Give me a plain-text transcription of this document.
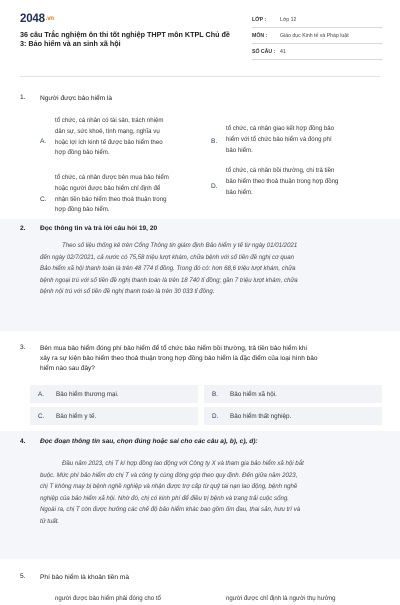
2048.vn
36 câu Trắc nghiệm ôn thi tốt nghiệp THPT môn KTPL Chủ đề 3: Bảo hiểm và an sinh xã hội
LỚP :	Lớp 12
MÔN :	Giáo dục Kinh tế và Pháp luật
SỐ CÂU : 41
1. Người được bảo hiểm là
A.
tổ chức, cá nhân có tài sản, trách nhiệm
dân sự, sức khoẻ, tính mạng, nghĩa vụ
hoặc lợi ích kinh tế được bảo hiểm theo
hợp đồng bảo hiểm.
B.
tổ chức, cá nhân giao kết hợp đồng bảo
hiểm với tổ chức bảo hiểm và đóng phí
bảo hiểm.
C.
tổ chức, cá nhân được bên mua bảo hiểm
hoặc người được bảo hiểm chỉ định để
nhận tiền bảo hiểm theo thoả thuận trong
hợp đồng bảo hiểm.
D.
tổ chức, cá nhân bồi thường, chi trả tiền
bảo hiểm theo thoả thuận trong hợp đồng
bảo hiểm.
2. Đọc thông tin và trả lời câu hỏi 19, 20
Theo số liệu thống kê trên Cổng Thông tin giám định Bảo hiểm y tế từ ngày 01/01/2021
đến ngày 02/7/2021, cả nước có 75,58 triệu lượt khám, chữa bệnh với số tiền đề nghị cơ quan
Bảo hiểm xã hội thanh toán là trên 48 774 tỉ đồng. Trong đó có: hơn 68,6 triệu lượt khám, chữa
bệnh ngoại trú với số tiền đề nghị thanh toán là trên 18 740 tỉ đồng; gần 7 triệu lượt khám, chữa
bệnh nội trú với số tiền đề nghị thanh toán là trên 30 033 tỉ đồng.
3. Bên mua bảo hiểm đóng phí bảo hiểm để tổ chức bảo hiểm bồi thường, trả tiền bảo hiểm khi
xảy ra sự kiện bảo hiểm theo thoả thuận trong hợp đồng bảo hiểm là đặc điểm của loại hình bảo
hiểm nào sau đây?
A.	Bảo hiểm thương mại.	B.	Bảo hiểm xã hội.
C.	Bảo hiểm y tế.	D.	Bảo hiểm thất nghiệp.
4. Đọc đoạn thông tin sau, chọn đúng hoặc sai cho các câu a), b), c), d):
Đầu năm 2023, chị T kí hợp đồng lao động với Công ty X và tham gia bảo hiểm xã hội bắt
buộc. Mức phí bảo hiểm do chị T và công ty cùng đóng góp theo quy định. Đến giữa năm 2023,
chị T không may bị bệnh nghề nghiệp và nhận được trợ cấp từ quỹ tai nạn lao động, bệnh nghề
nghiệp của bảo hiểm xã hội. Nhờ đó, chị có kinh phí để điều trị bệnh và trang trải cuộc sống.
Ngoài ra, chị T còn được hưởng các chế độ bảo hiểm khác bao gồm ốm đau, thai sản, hưu trí và
tử tuất.
5. Phí bảo hiểm là khoản tiền mà
người được bảo hiểm phải đóng cho tổ	người được chỉ định là người thụ hưởng
